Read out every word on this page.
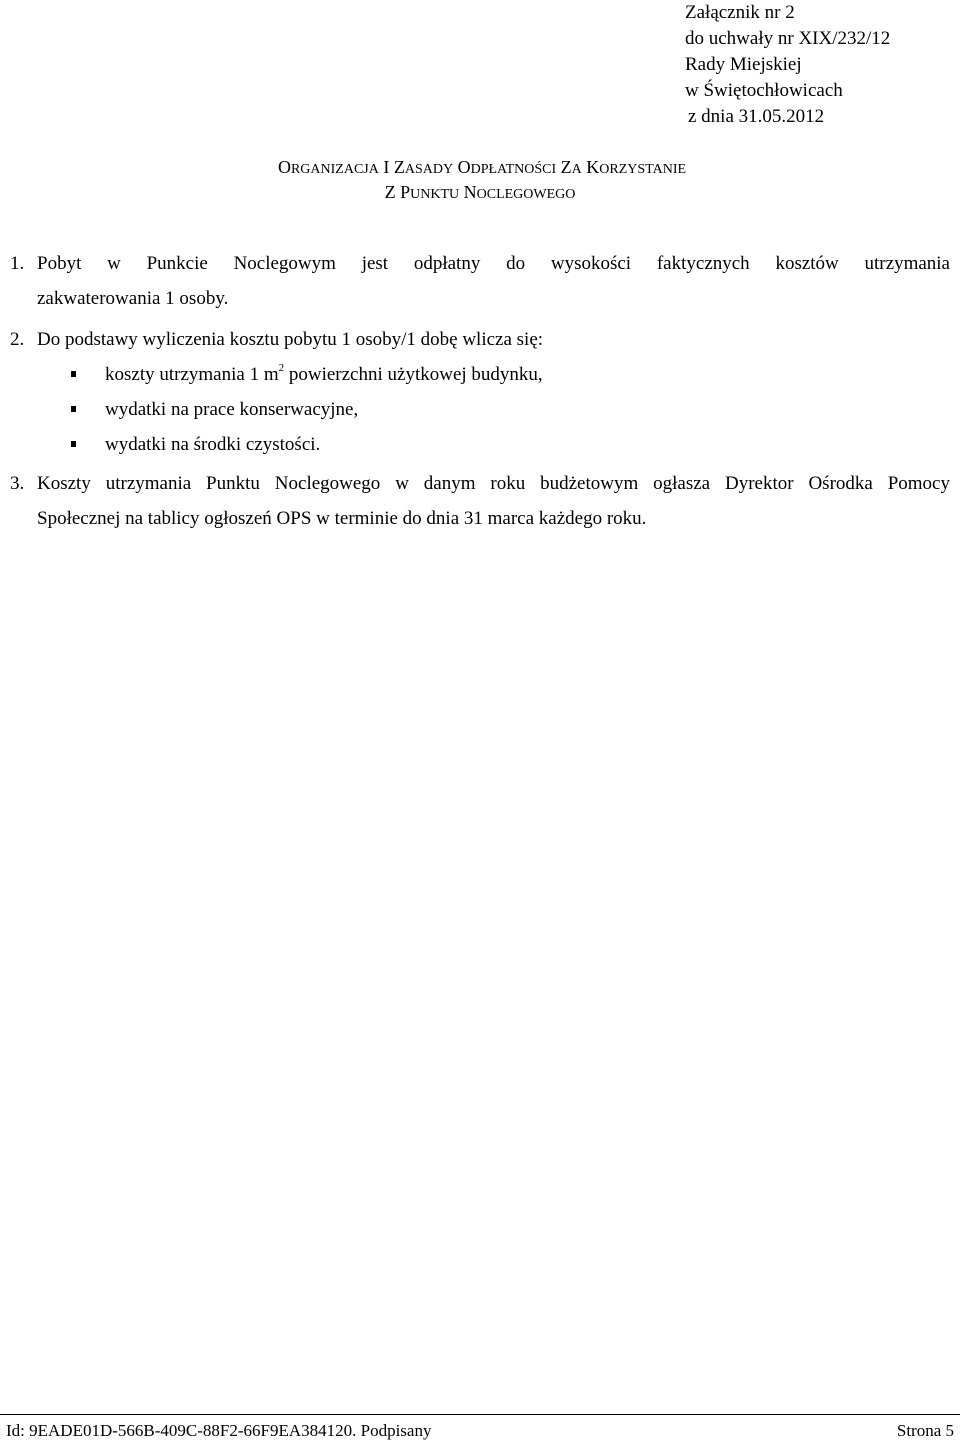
Załącznik nr 2
do uchwały nr XIX/232/12
Rady Miejskiej
w Świętochłowicach
z dnia 31.05.2012
ORGANIZACJA I ZASADY ODPŁATNOŚCI ZA KORZYSTANIE
Z PUNKTU NOCLEGOWEGO
1. Pobyt w Punkcie Noclegowym jest odpłatny do wysokości faktycznych kosztów utrzymania
zakwaterowania 1 osoby.
2. Do podstawy wyliczenia kosztu pobytu 1 osoby/1 dobę wlicza się:
koszty utrzymania 1 $m^2$ powierzchni użytkowej budynku,
wydatki na prace konserwacyjne,
wydatki na środki czystości.
3. Koszty utrzymania Punktu Noclegowego w danym roku budżetowym ogłasza Dyrektor Ośrodka Pomocy
Społecznej na tablicy ogłoszeń OPS w terminie do dnia 31 marca każdego roku.
Id: 9EADE01D-566B-409C-88F2-66F9EA384120. Podpisany	Strona 5
